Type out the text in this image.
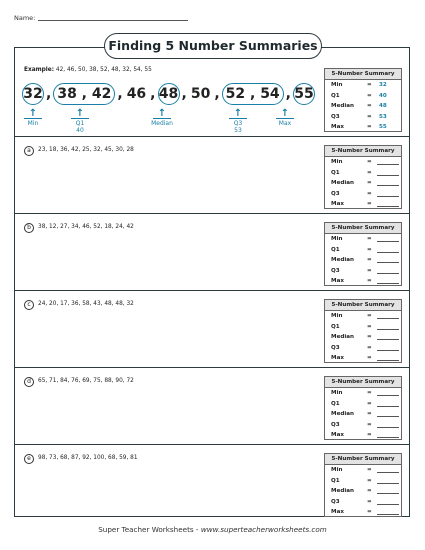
Name:
Finding 5 Number Summaries
Example: 42, 46, 50, 38, 52, 48, 32, 54, 55
32 , 38 , 42 , 46 , 48 , 50 , 52 , 54 , 55
↑
Min
↑
Q1
40
↑
Median
↑
Q3
53
↑
Max
5-Number Summary
Min	= 32
Q1	= 40
Median = 48
Q3	= 53
Max	= 55
a 23, 18, 36, 42, 25, 32, 45, 30, 28	5-Number Summary
Min	=
Q1	=
Median =
Q3	=
Max	=
b 38, 12, 27, 34, 46, 52, 18, 24, 42	5-Number Summary
Min	=
Q1	=
Median =
Q3	=
Max	=
c 24, 20, 17, 36, 58, 43, 48, 48, 32	5-Number Summary
Min	=
Q1	=
Median =
Q3	=
Max	=
d 65, 71, 84, 76, 69, 75, 88, 90, 72	5-Number Summary
Min	=
Q1	=
Median =
Q3	=
Max	=
e 98, 73, 68, 87, 92, 100, 68, 59, 81	5-Number Summary
Min	=
Q1	=
Median =
Q3	=
Max	=
Super Teacher Worksheets - www.superteacherworksheets.com
